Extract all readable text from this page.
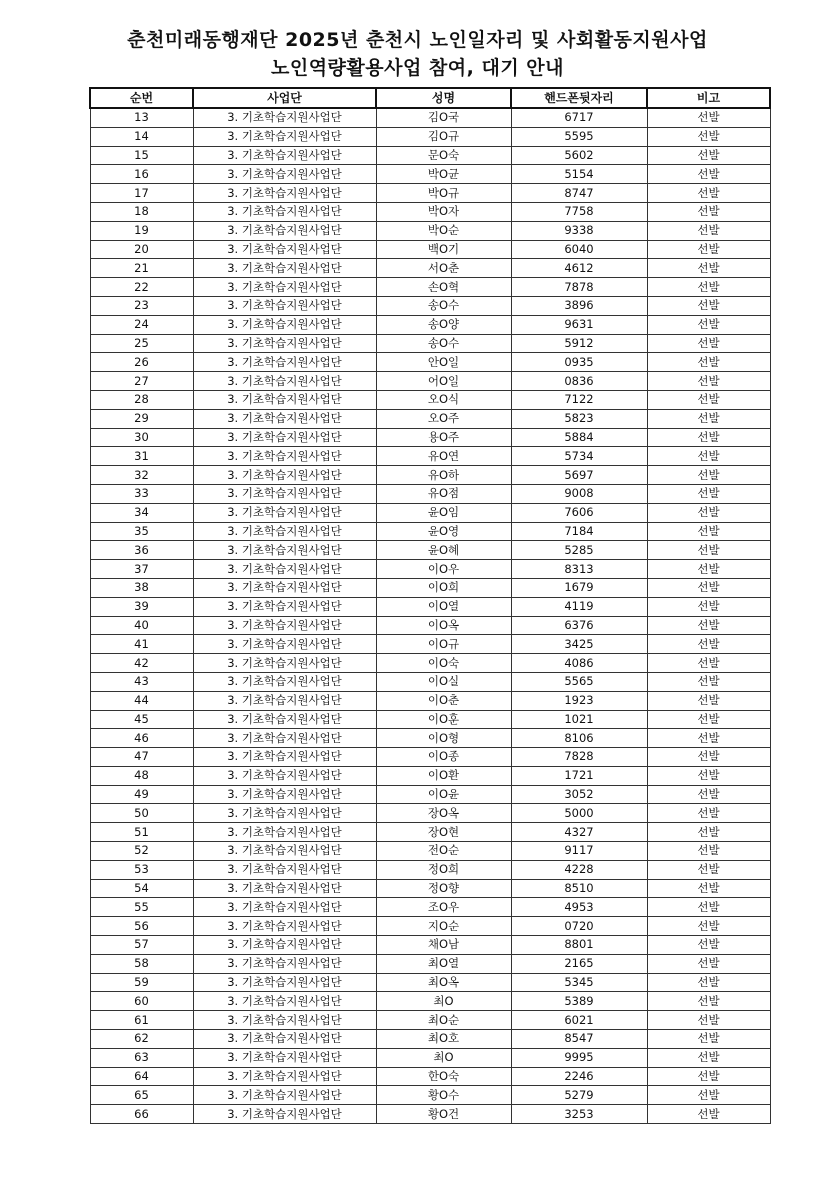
춘천미래동행재단 2025년 춘천시 노인일자리 및 사회활동지원사업
노인역량활용사업 참여, 대기 안내
순번	사업단	성명	핸드폰뒷자리	비고
13	3. 기초학습지원사업단	김O국	6717	선발
14	3. 기초학습지원사업단	김O규	5595	선발
15	3. 기초학습지원사업단	문O숙	5602	선발
16	3. 기초학습지원사업단	박O균	5154	선발
17	3. 기초학습지원사업단	박O규	8747	선발
18	3. 기초학습지원사업단	박O자	7758	선발
19	3. 기초학습지원사업단	박O순	9338	선발
20	3. 기초학습지원사업단	백O기	6040	선발
21	3. 기초학습지원사업단	서O춘	4612	선발
22	3. 기초학습지원사업단	손O혁	7878	선발
23	3. 기초학습지원사업단	송O수	3896	선발
24	3. 기초학습지원사업단	송O양	9631	선발
25	3. 기초학습지원사업단	송O수	5912	선발
26	3. 기초학습지원사업단	안O일	0935	선발
27	3. 기초학습지원사업단	어O일	0836	선발
28	3. 기초학습지원사업단	오O식	7122	선발
29	3. 기초학습지원사업단	오O주	5823	선발
30	3. 기초학습지원사업단	용O주	5884	선발
31	3. 기초학습지원사업단	유O연	5734	선발
32	3. 기초학습지원사업단	유O하	5697	선발
33	3. 기초학습지원사업단	유O점	9008	선발
34	3. 기초학습지원사업단	윤O임	7606	선발
35	3. 기초학습지원사업단	윤O영	7184	선발
36	3. 기초학습지원사업단	윤O혜	5285	선발
37	3. 기초학습지원사업단	이O우	8313	선발
38	3. 기초학습지원사업단	이O희	1679	선발
39	3. 기초학습지원사업단	이O열	4119	선발
40	3. 기초학습지원사업단	이O옥	6376	선발
41	3. 기초학습지원사업단	이O규	3425	선발
42	3. 기초학습지원사업단	이O숙	4086	선발
43	3. 기초학습지원사업단	이O실	5565	선발
44	3. 기초학습지원사업단	이O춘	1923	선발
45	3. 기초학습지원사업단	이O훈	1021	선발
46	3. 기초학습지원사업단	이O형	8106	선발
47	3. 기초학습지원사업단	이O종	7828	선발
48	3. 기초학습지원사업단	이O환	1721	선발
49	3. 기초학습지원사업단	이O윤	3052	선발
50	3. 기초학습지원사업단	장O옥	5000	선발
51	3. 기초학습지원사업단	장O현	4327	선발
52	3. 기초학습지원사업단	전O순	9117	선발
53	3. 기초학습지원사업단	정O희	4228	선발
54	3. 기초학습지원사업단	정O향	8510	선발
55	3. 기초학습지원사업단	조O우	4953	선발
56	3. 기초학습지원사업단	지O순	0720	선발
57	3. 기초학습지원사업단	채O남	8801	선발
58	3. 기초학습지원사업단	최O열	2165	선발
59	3. 기초학습지원사업단	최O옥	5345	선발
60	3. 기초학습지원사업단	최O	5389	선발
61	3. 기초학습지원사업단	최O순	6021	선발
62	3. 기초학습지원사업단	최O호	8547	선발
63	3. 기초학습지원사업단	최O	9995	선발
64	3. 기초학습지원사업단	한O숙	2246	선발
65	3. 기초학습지원사업단	황O수	5279	선발
66	3. 기초학습지원사업단	황O건	3253	선발
